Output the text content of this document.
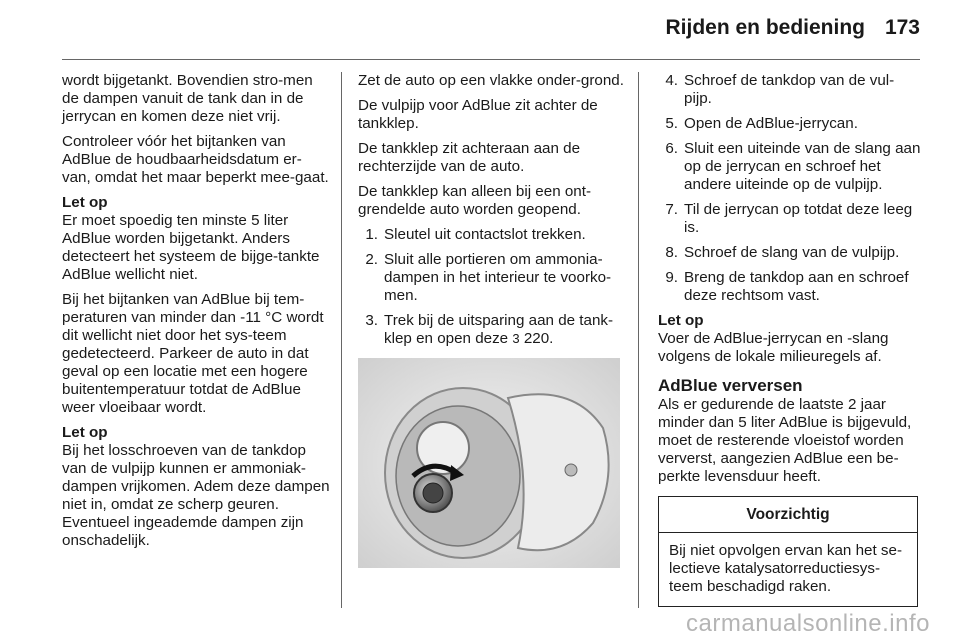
Rijden en bediening 173

wordt bijgetankt. Bovendien stro-men de dampen vanuit de tank dan in de jerrycan en komen deze niet vrij.

Controleer vóór het bijtanken van AdBlue de houdbaarheidsdatum er-van, omdat het maar beperkt mee-gaat.

Let op

Er moet spoedig ten minste 5 liter AdBlue worden bijgetankt. Anders detecteert het systeem de bijge-tankte AdBlue wellicht niet.

Bij het bijtanken van AdBlue bij tem-peraturen van minder dan -11 °C wordt dit wellicht niet door het sys-teem gedetecteerd. Parkeer de auto in dat geval op een locatie met een hogere buitentemperatuur totdat de AdBlue weer vloeibaar wordt.

Let op

Bij het losschroeven van de tankdop van de vulpijp kunnen er ammoniak-dampen vrijkomen. Adem deze dampen niet in, omdat ze scherp geuren. Eventueel ingeademde dampen zijn onschadelijk.

Zet de auto op een vlakke onder-grond.

De vulpijp voor AdBlue zit achter de tankklep.

De tankklep zit achteraan aan de rechterzijde van de auto.

De tankklep kan alleen bij een ont-grendelde auto worden geopend.

1. Sleutel uit contactslot trekken.
2. Sluit alle portieren om ammonia-dampen in het interieur te voorko-men.
3. Trek bij de uitsparing aan de tank-klep en open deze 3 220.
4. Schroef de tankdop van de vul-pijp.
5. Open de AdBlue-jerrycan.
6. Sluit een uiteinde van de slang aan op de jerrycan en schroef het andere uiteinde op de vulpijp.
7. Til de jerrycan op totdat deze leeg is.
8. Schroef de slang van de vulpijp.
9. Breng de tankdop aan en schroef deze rechtsom vast.
Let op

Voer de AdBlue-jerrycan en -slang volgens de lokale milieuregels af.

AdBlue verversen

Als er gedurende de laatste 2 jaar minder dan 5 liter AdBlue is bijgevuld, moet de resterende vloeistof worden ververst, aangezien AdBlue een be-perkte levensduur heeft.

Voorzichtig
Bij niet opvolgen ervan kan het se-lectieve katalysatorreductiesys-teem beschadigd raken.
carmanualsonline.info
